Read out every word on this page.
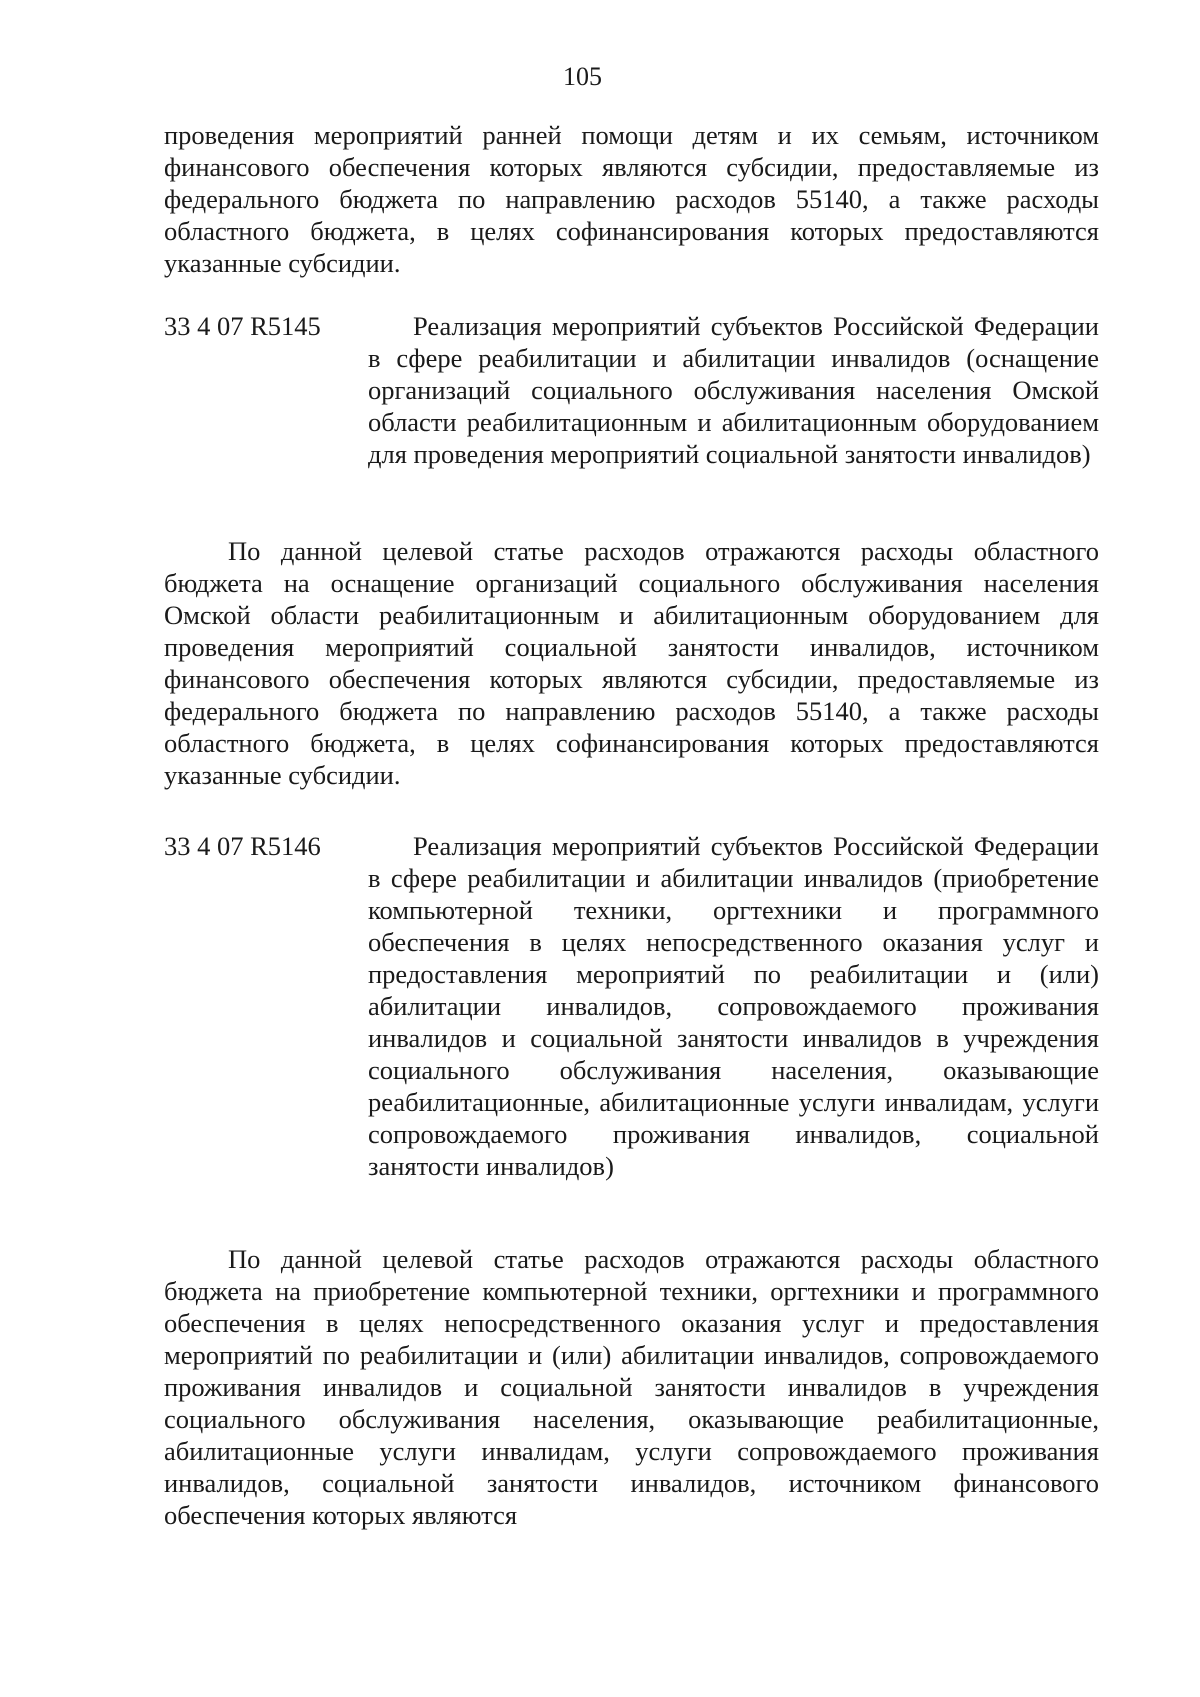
105

проведения мероприятий ранней помощи детям и их семьям, источником финансового обеспечения которых являются субсидии, предоставляемые из федерального бюджета по направлению расходов 55140, а также расходы областного бюджета, в целях софинансирования которых предоставляются указанные субсидии.

33 4 07 R5145	Реализация мероприятий субъектов Российской Федерации в сфере реабилитации и абилитации инвалидов (оснащение организаций социального обслуживания населения Омской области реабилитационным и абилитационным оборудованием для проведения мероприятий социальной занятости инвалидов)

По данной целевой статье расходов отражаются расходы областного бюджета на оснащение организаций социального обслуживания населения Омской области реабилитационным и абилитационным оборудованием для проведения мероприятий социальной занятости инвалидов, источником финансового обеспечения которых являются субсидии, предоставляемые из федерального бюджета по направлению расходов 55140, а также расходы областного бюджета, в целях софинансирования которых предоставляются указанные субсидии.

33 4 07 R5146	Реализация мероприятий субъектов Российской Федерации в сфере реабилитации и абилитации инвалидов (приобретение компьютерной техники, оргтехники и программного обеспечения в целях непосредственного оказания услуг и предоставления мероприятий по реабилитации и (или) абилитации инвалидов, сопровождаемого проживания инвалидов и социальной занятости инвалидов в учреждения социального обслуживания населения, оказывающие реабилитационные, абилитационные услуги инвалидам, услуги сопровождаемого проживания инвалидов, социальной занятости инвалидов)

По данной целевой статье расходов отражаются расходы областного бюджета на приобретение компьютерной техники, оргтехники и программного обеспечения в целях непосредственного оказания услуг и предоставления мероприятий по реабилитации и (или) абилитации инвалидов, сопровождаемого проживания инвалидов и социальной занятости инвалидов в учреждения социального обслуживания населения, оказывающие реабилитационные, абилитационные услуги инвалидам, услуги сопровождаемого проживания инвалидов, социальной занятости инвалидов, источником финансового обеспечения которых являются
